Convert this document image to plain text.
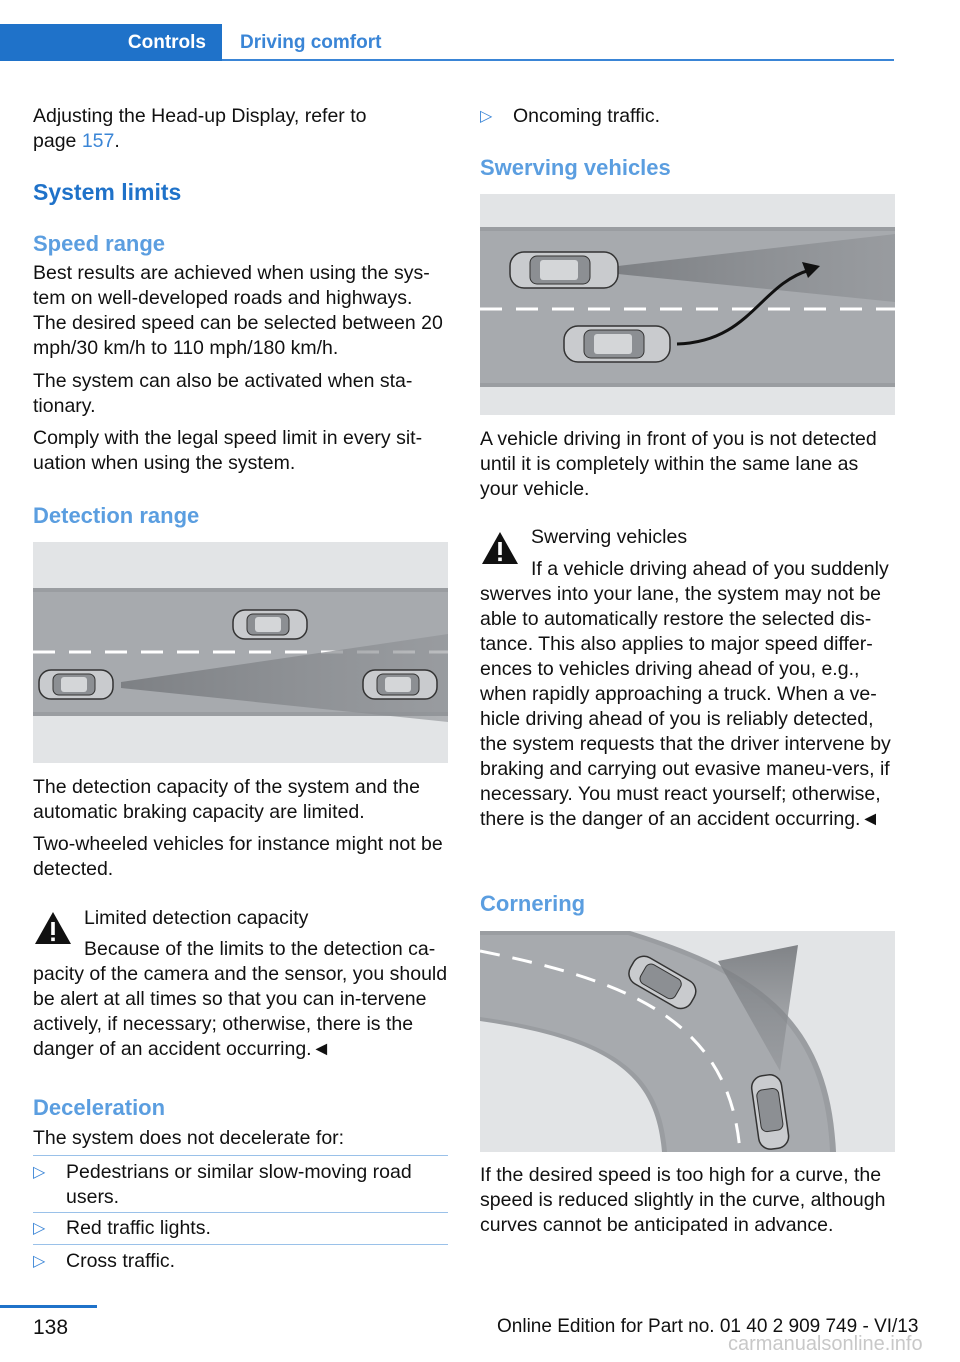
Controls	Driving comfort

Adjusting the Head-up Display, refer to
page 157.

System limits
Speed range

Best results are achieved when using the sys-tem on well-developed roads and highways. The desired speed can be selected between 20 mph/30 km/h to 110 mph/180 km/h.

The system can also be activated when sta-tionary.

Comply with the legal speed limit in every sit-uation when using the system.

Detection range

The detection capacity of the system and the automatic braking capacity are limited.

Two-wheeled vehicles for instance might not be detected.

Limited detection capacity

Because of the limits to the detection ca-pacity of the camera and the sensor, you should be alert at all times so that you can in-tervene actively, if necessary; otherwise, there is the danger of an accident occurring.◄

Deceleration

The system does not decelerate for:

▷ Pedestrians or similar slow-moving road users.
▷ Red traffic lights.
▷ Cross traffic.
▷ Oncoming traffic.
Swerving vehicles

A vehicle driving in front of you is not detected until it is completely within the same lane as your vehicle.

Swerving vehicles

If a vehicle driving ahead of you suddenly swerves into your lane, the system may not be able to automatically restore the selected dis-tance. This also applies to major speed differ-ences to vehicles driving ahead of you, e.g., when rapidly approaching a truck. When a ve-hicle driving ahead of you is reliably detected, the system requests that the driver intervene by braking and carrying out evasive maneu-vers, if necessary. You must react yourself; otherwise, there is the danger of an accident occurring.◄

Cornering

If the desired speed is too high for a curve, the speed is reduced slightly in the curve, although curves cannot be anticipated in advance.

138	Online Edition for Part no. 01 40 2 909 749 - VI/13
carmanualsonline.info
